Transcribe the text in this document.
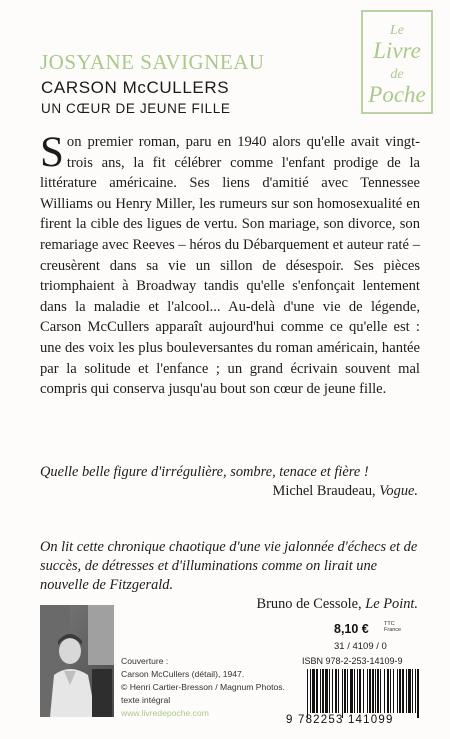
JOSYANE SAVIGNEAU
CARSON McCULLERS
UN CŒUR DE JEUNE FILLE
Le
Livre
de
Poche
Son premier roman, paru en 1940 alors qu'elle avait vingt-trois ans, la fit célébrer comme l'enfant prodige de la littérature américaine. Ses liens d'amitié avec Tennessee Williams ou Henry Miller, les rumeurs sur son homosexualité en firent la cible des ligues de vertu. Son mariage, son divorce, son remariage avec Reeves – héros du Débarquement et auteur raté – creusèrent dans sa vie un sillon de désespoir. Ses pièces triomphaient à Broadway tandis qu'elle s'enfonçait lentement dans la maladie et l'alcool... Au-delà d'une vie de légende, Carson McCullers apparaît aujourd'hui comme ce qu'elle est : une des voix les plus bouleversantes du roman américain, hantée par la solitude et l'enfance ; un grand écrivain souvent mal compris qui conserva jusqu'au bout son cœur de jeune fille.
Quelle belle figure d'irrégulière, sombre, tenace et fière !
Michel Braudeau, Vogue.
On lit cette chronique chaotique d'une vie jalonnée d'échecs et de succès, de détresses et d'illuminations comme on lirait une nouvelle de Fitzgerald.
Bruno de Cessole, Le Point.
Couverture :
Carson McCullers (détail), 1947.
© Henri Cartier-Bresson / Magnum Photos.
texte intégral
www.livredepoche.com
8,10 €	TTC
France
31 / 4109 / 0
ISBN 978-2-253-14109-9
9 782253 141099
